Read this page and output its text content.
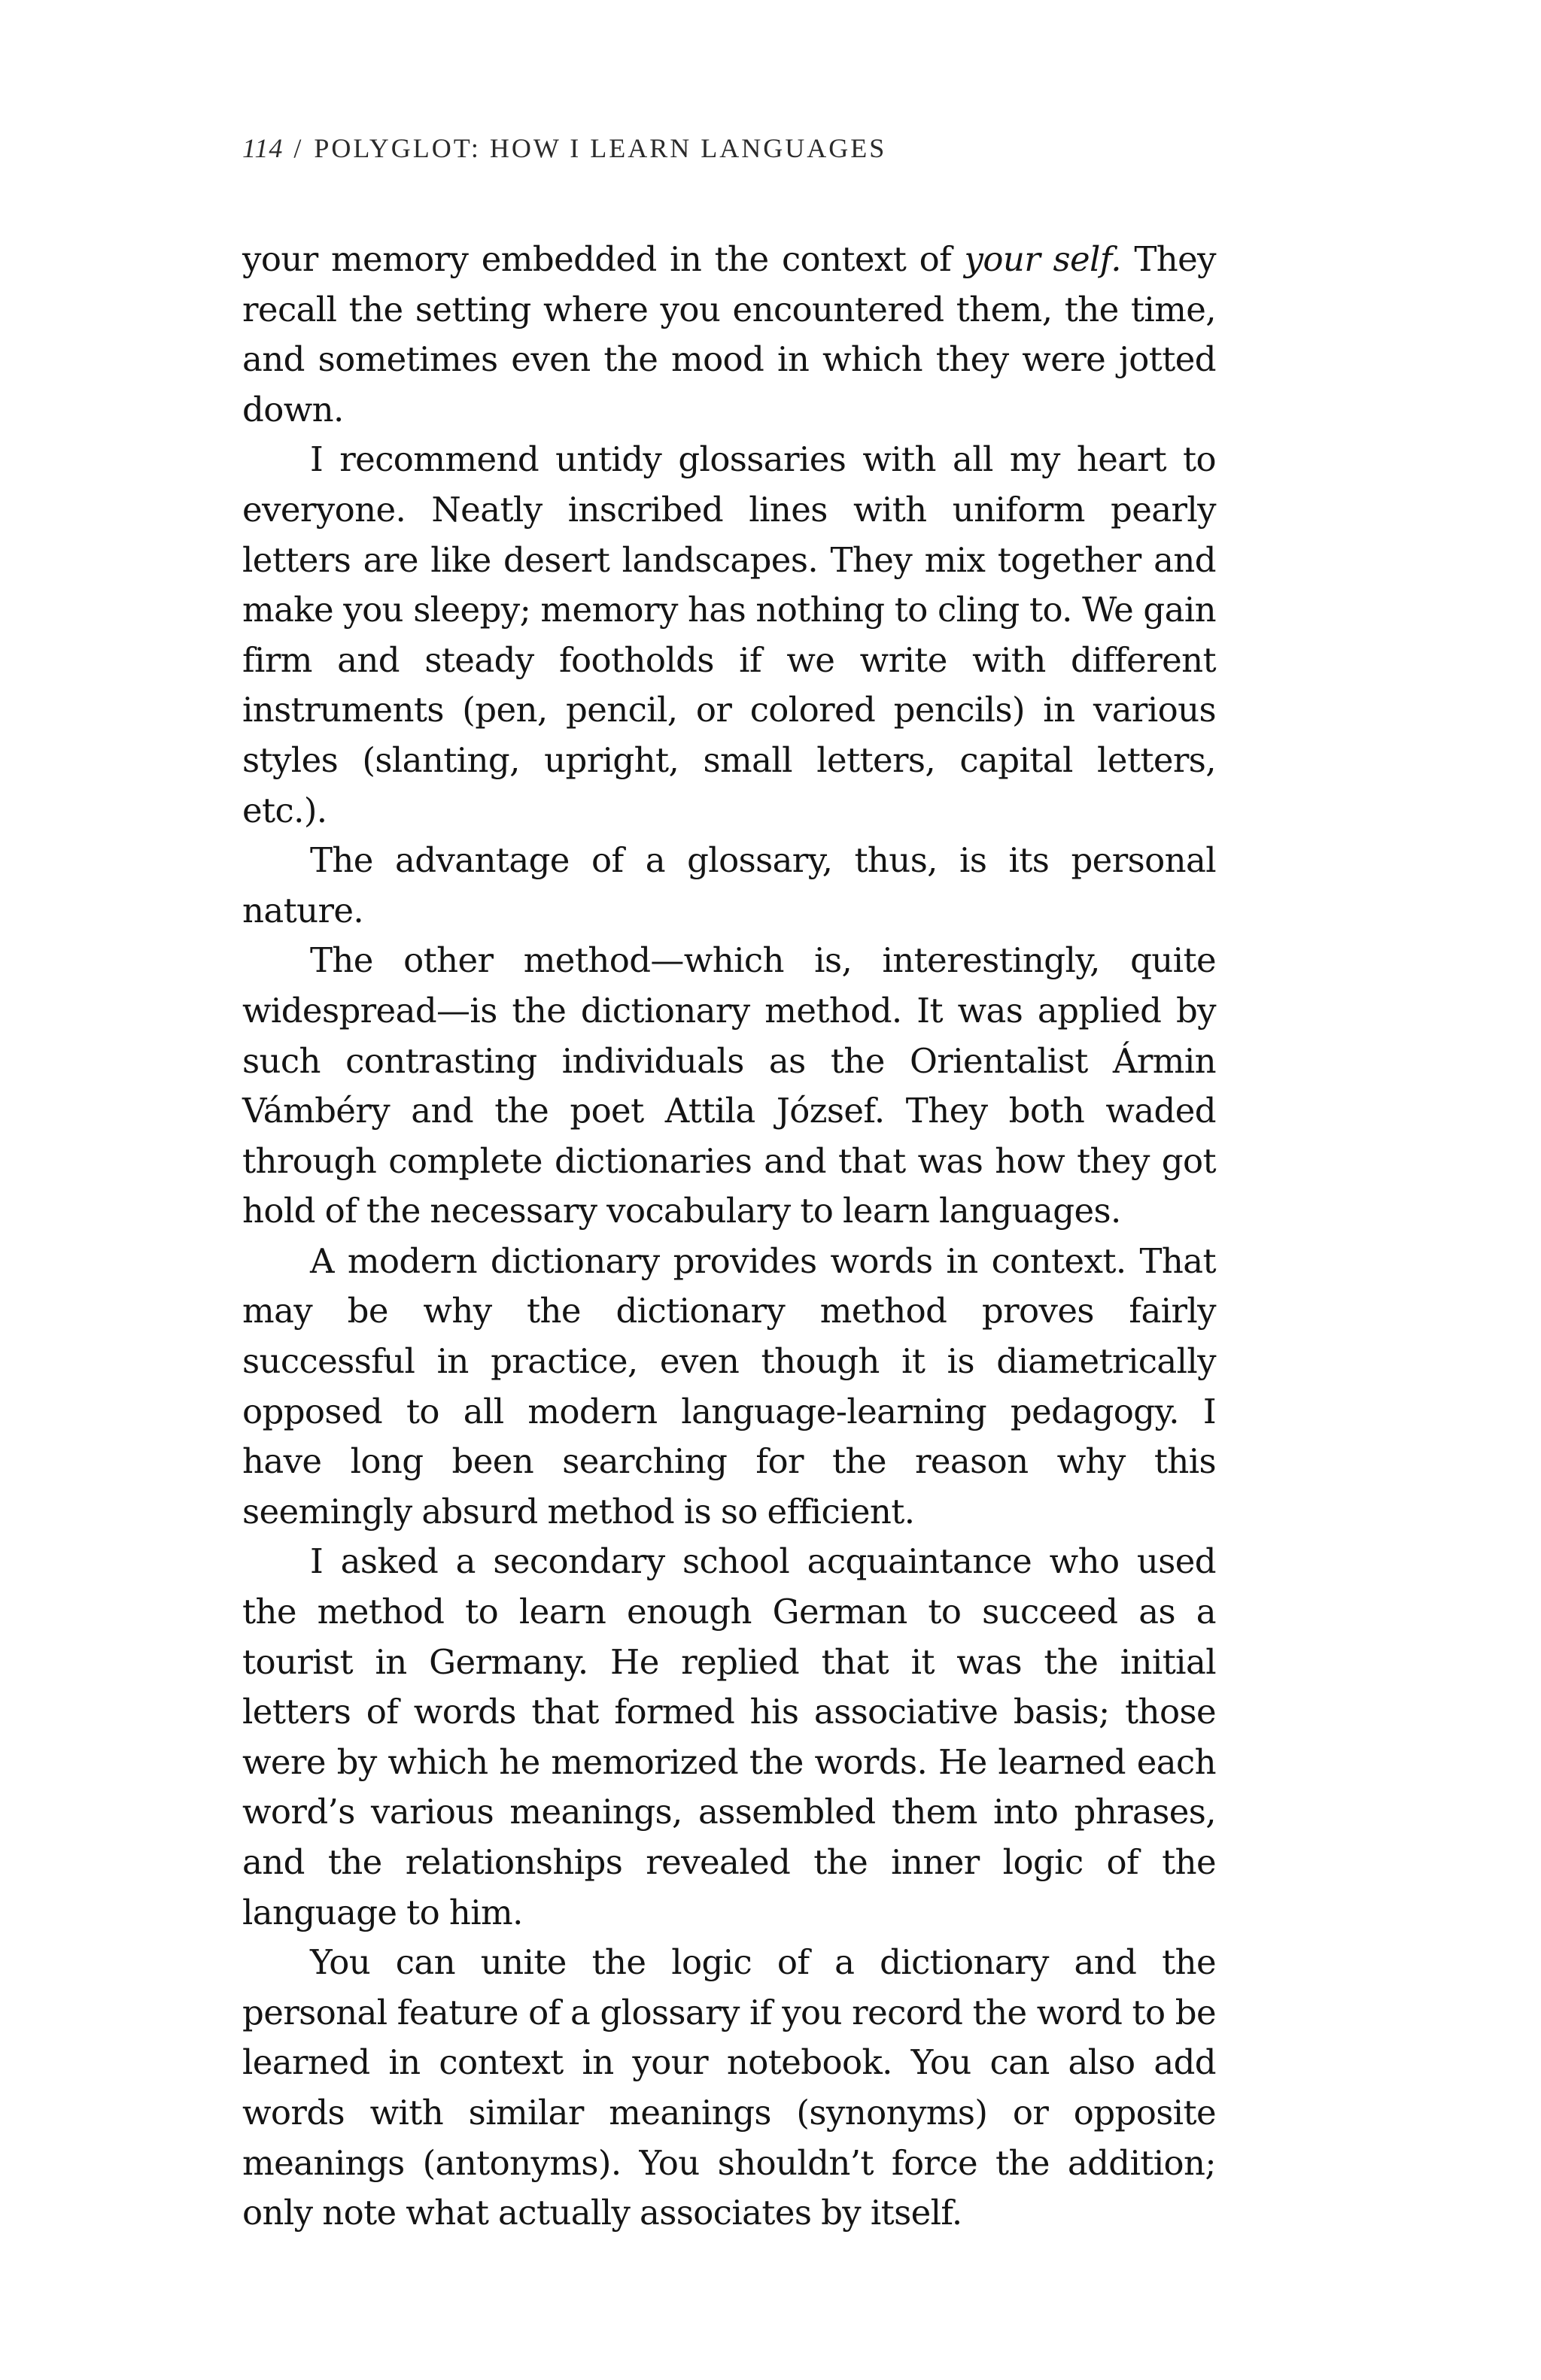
114 / POLYGLOT: HOW I LEARN LANGUAGES

your memory embedded in the context of your self. They recall the setting where you encountered them, the time, and sometimes even the mood in which they were jotted down.

I recommend untidy glossaries with all my heart to everyone. Neatly inscribed lines with uniform pearly letters are like desert landscapes. They mix together and make you sleepy; memory has nothing to cling to. We gain firm and steady footholds if we write with different instruments (pen, pencil, or colored pencils) in various styles (slanting, upright, small letters, capital letters, etc.).

The advantage of a glossary, thus, is its personal nature.

The other method—which is, interestingly, quite widespread—is the dictionary method. It was applied by such contrasting individuals as the Orientalist Ármin Vámbéry and the poet Attila József. They both waded through complete dictionaries and that was how they got hold of the necessary vocabulary to learn languages.

A modern dictionary provides words in context. That may be why the dictionary method proves fairly successful in practice, even though it is diametrically opposed to all modern language-learning pedagogy. I have long been searching for the reason why this seemingly absurd method is so efficient.

I asked a secondary school acquaintance who used the method to learn enough German to succeed as a tourist in Germany. He replied that it was the initial letters of words that formed his associative basis; those were by which he memorized the words. He learned each word’s various meanings, assembled them into phrases, and the relationships revealed the inner logic of the language to him.

You can unite the logic of a dictionary and the personal feature of a glossary if you record the word to be learned in context in your notebook. You can also add words with similar meanings (synonyms) or opposite meanings (antonyms). You shouldn’t force the addition; only note what actually associates by itself.
